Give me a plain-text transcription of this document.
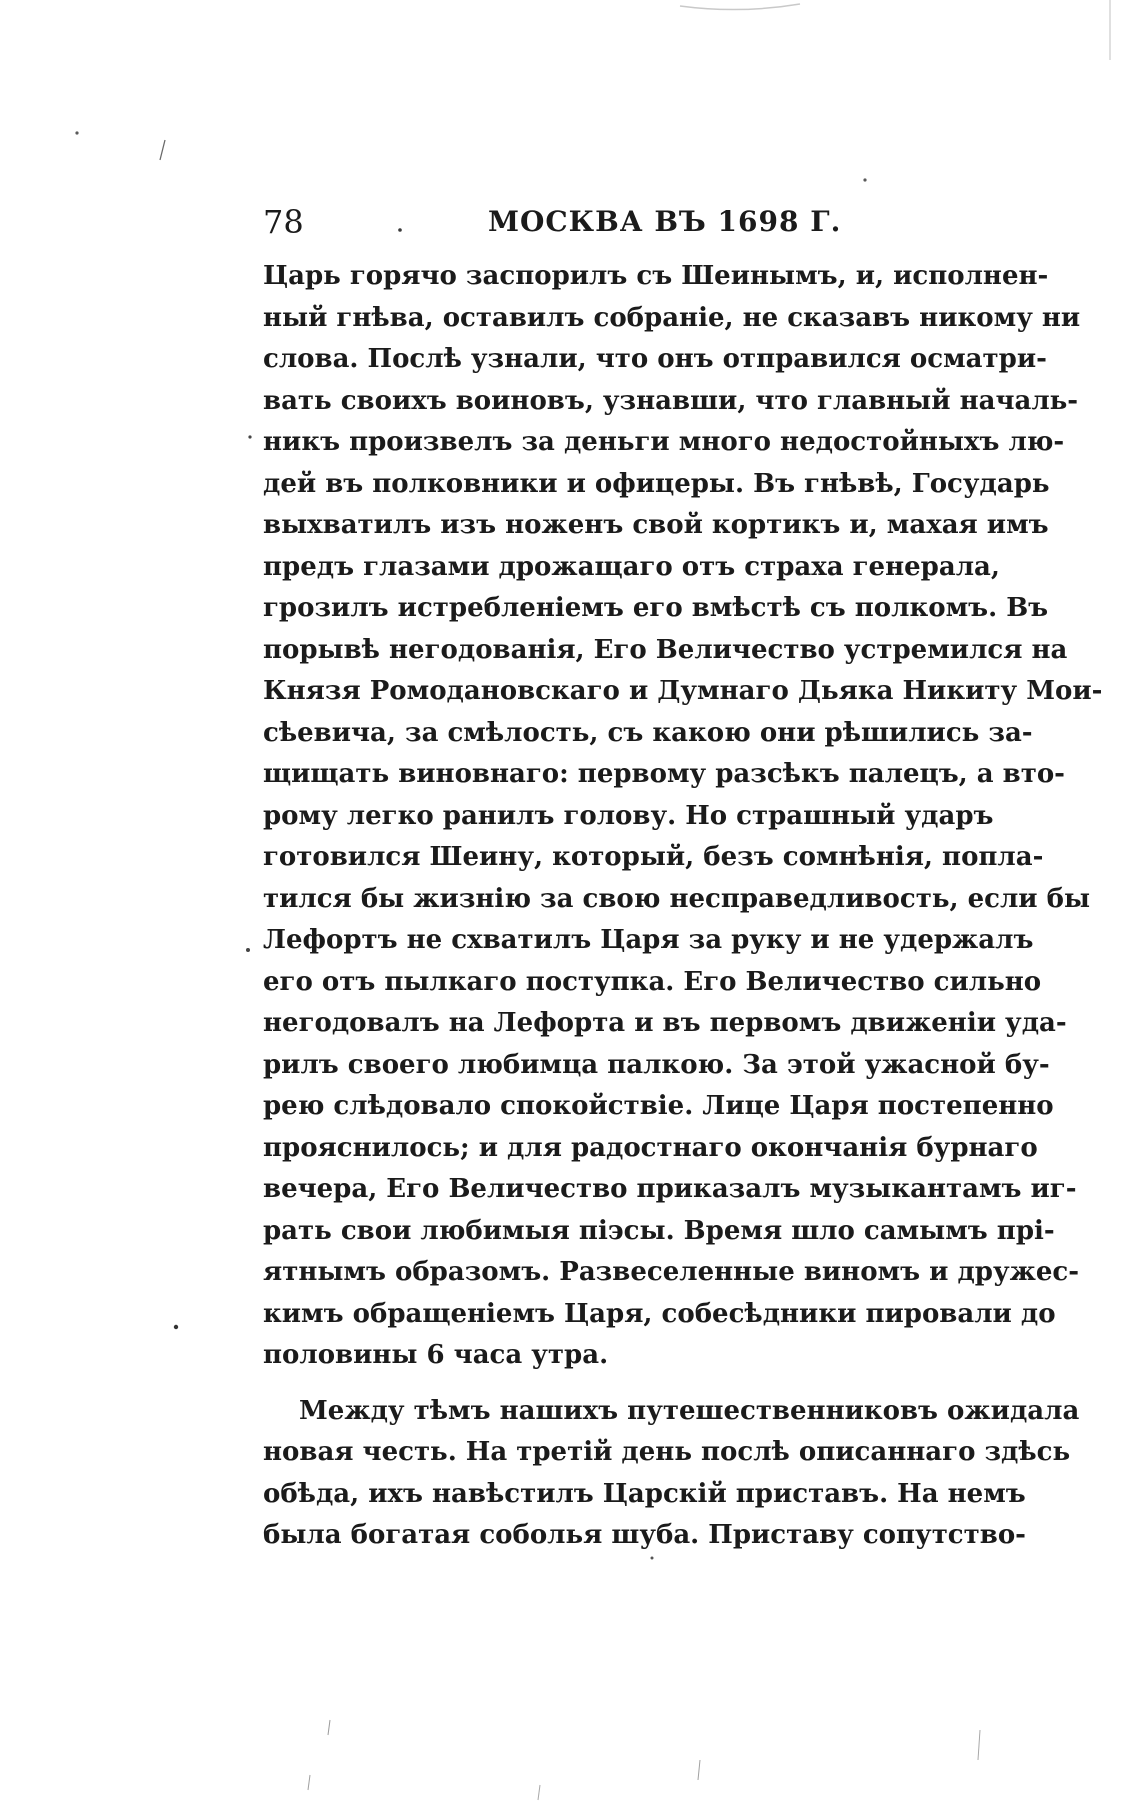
78	МОСКВА ВЪ 1698 Г.
Царь горячо заспорилъ съ Шеинымъ, и, исполнен-
ный гнѣва, оставилъ собраніе, не сказавъ никому ни
слова. Послѣ узнали, что онъ отправился осматри-
вать своихъ воиновъ, узнавши, что главный началь-
никъ произвелъ за деньги много недостойныхъ лю-
дей въ полковники и офицеры. Въ гнѣвѣ, Государь
выхватилъ изъ ноженъ свой кортикъ и, махая имъ
предъ глазами дрожащаго отъ страха генерала,
грозилъ истребленіемъ его вмѣстѣ съ полкомъ. Въ
порывѣ негодованія, Его Величество устремился на
Князя Ромодановскаго и Думнаго Дьяка Никиту Мои-
сѣевича, за смѣлость, съ какою они рѣшились за-
щищать виновнаго: первому разсѣкъ палецъ, а вто-
рому легко ранилъ голову. Но страшный ударъ
готовился Шеину, который, безъ сомнѣнія, попла-
тился бы жизнію за свою несправедливость, если бы
Лефортъ не схватилъ Царя за руку и не удержалъ
его отъ пылкаго поступка. Его Величество сильно
негодовалъ на Лефорта и въ первомъ движеніи уда-
рилъ своего любимца палкою. За этой ужасной бу-
рею слѣдовало спокойствіе. Лице Царя постепенно
прояснилось; и для радостнаго окончанія бурнаго
вечера, Его Величество приказалъ музыкантамъ иг-
рать свои любимыя піэсы. Время шло самымъ прі-
ятнымъ образомъ. Развеселенные виномъ и дружес-
кимъ обращеніемъ Царя, собесѣдники пировали до
половины 6 часа утра.
Между тѣмъ нашихъ путешественниковъ ожидала
новая честь. На третій день послѣ описаннаго здѣсь
обѣда, ихъ навѣстилъ Царскій приставъ. На немъ
была богатая соболья шуба. Приставу сопутство-
